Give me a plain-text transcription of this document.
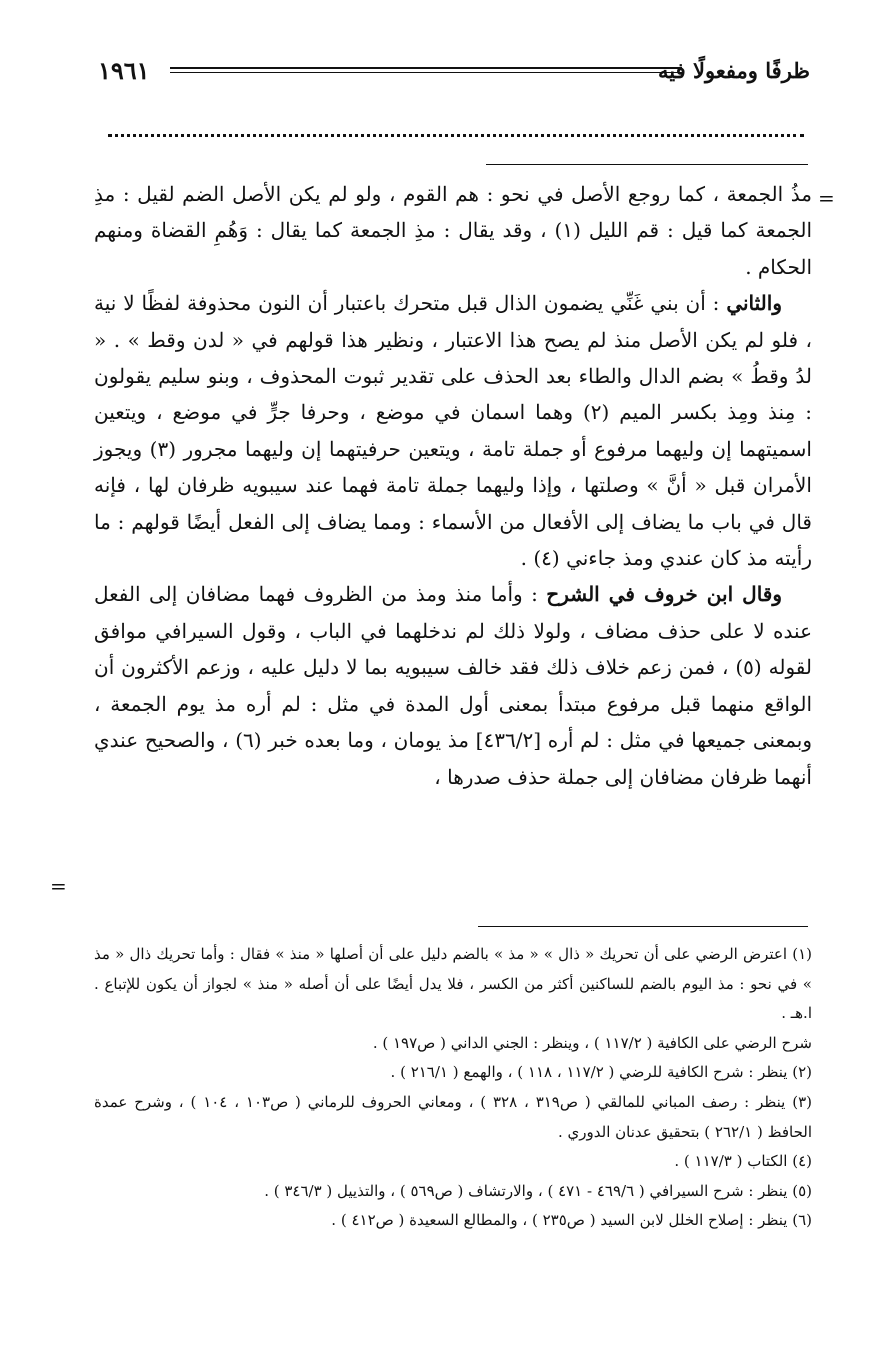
١٩٦١	ظرفًا ومفعولًا فيه
=

مذُ الجمعة ، كما روجع الأصل في نحو : هم القوم ، ولو لم يكن الأصل الضم لقيل : مذِ الجمعة كما قيل : قم الليل (١) ، وقد يقال : مذِ الجمعة كما يقال : وَهُمِ القضاة ومنهم الحكام .

والثاني : أن بني غَنِّي يضمون الذال قبل متحرك باعتبار أن النون محذوفة لفظًا لا نية ، فلو لم يكن الأصل منذ لم يصح هذا الاعتبار ، ونظير هذا قولهم في « لدن وقط » . « لدُ وقطُ » بضم الدال والطاء بعد الحذف على تقدير ثبوت المحذوف ، وبنو سليم يقولون : مِنذ ومِذ بكسر الميم (٢) وهما اسمان في موضع ، وحرفا جرٍّ في موضع ، ويتعين اسميتهما إن وليهما مرفوع أو جملة تامة ، ويتعين حرفيتهما إن وليهما مجرور (٣) ويجوز الأمران قبل « أنَّ » وصلتها ، وإذا وليهما جملة تامة فهما عند سيبويه ظرفان لها ، فإنه قال في باب ما يضاف إلى الأفعال من الأسماء : ومما يضاف إلى الفعل أيضًا قولهم : ما رأيته مذ كان عندي ومذ جاءني (٤) .

وقال ابن خروف في الشرح : وأما منذ ومذ من الظروف فهما مضافان إلى الفعل عنده لا على حذف مضاف ، ولولا ذلك لم ندخلهما في الباب ، وقول السيرافي موافق لقوله (٥) ، فمن زعم خلاف ذلك فقد خالف سيبويه بما لا دليل عليه ، وزعم الأكثرون أن الواقع منهما قبل مرفوع مبتدأ بمعنى أول المدة في مثل : لم أره مذ يوم الجمعة ، وبمعنى جميعها في مثل : لم أره [٤٣٦/٢] مذ يومان ، وما بعده خبر (٦) ، والصحيح عندي أنهما ظرفان مضافان إلى جملة حذف صدرها ،

=
(١) اعترض الرضي على أن تحريك « ذال » « مذ » بالضم دليل على أن أصلها « منذ » فقال : وأما تحريك ذال « مذ » في نحو : مذ اليوم بالضم للساكنين أكثر من الكسر ، فلا يدل أيضًا على أن أصله « منذ » لجواز أن يكون للإتباع . ا.هـ .
شرح الرضي على الكافية ( ١١٧/٢ ) ، وينظر : الجني الداني ( ص١٩٧ ) .
(٢) ينظر : شرح الكافية للرضي ( ١١٧/٢ ، ١١٨ ) ، والهمع ( ٢١٦/١ ) .
(٣) ينظر : رصف المباني للمالقي ( ص٣١٩ ، ٣٢٨ ) ، ومعاني الحروف للرماني ( ص١٠٣ ، ١٠٤ ) ، وشرح عمدة الحافظ ( ٢٦٢/١ ) بتحقيق عدنان الدوري .
(٤) الكتاب ( ١١٧/٣ ) .
(٥) ينظر : شرح السيرافي ( ٤٦٩/٦ - ٤٧١ ) ، والارتشاف ( ص٥٦٩ ) ، والتذييل ( ٣٤٦/٣ ) .
(٦) ينظر : إصلاح الخلل لابن السيد ( ص٢٣٥ ) ، والمطالع السعيدة ( ص٤١٢ ) .
